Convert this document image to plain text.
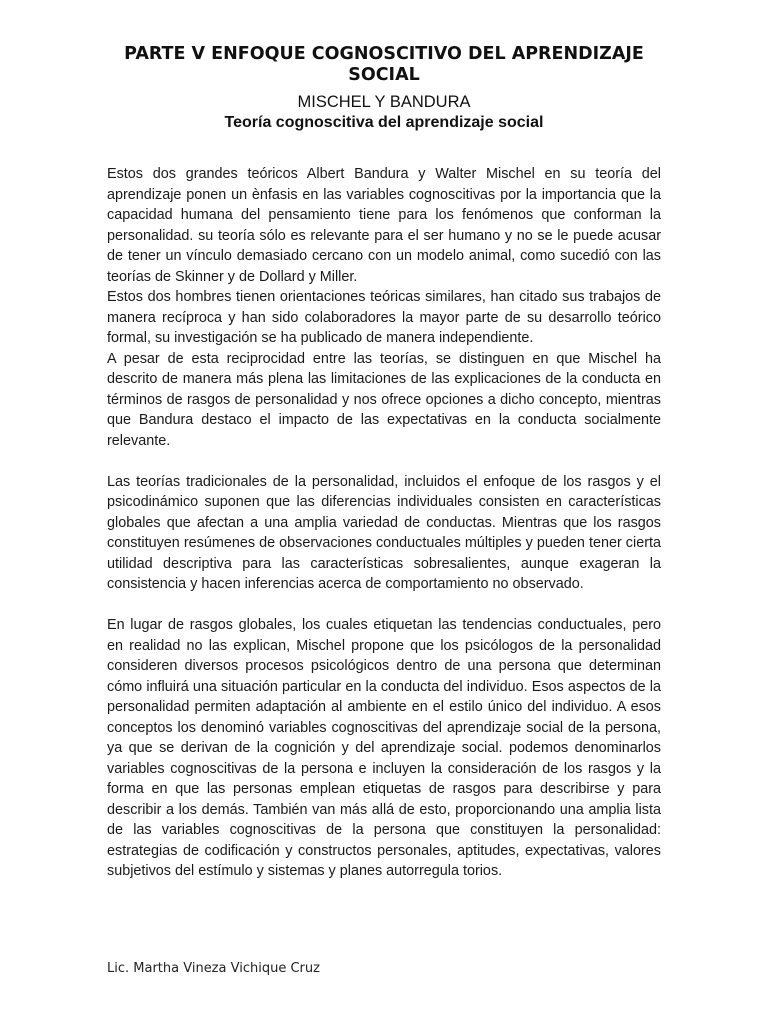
PARTE V ENFOQUE COGNOSCITIVO DEL APRENDIZAJE SOCIAL
MISCHEL Y BANDURA
Teoría cognoscitiva del aprendizaje social

Estos dos grandes teóricos Albert Bandura y Walter Mischel en su teoría del aprendizaje ponen un ènfasis en las variables cognoscitivas por la importancia que la capacidad humana del pensamiento tiene para los fenómenos que conforman la personalidad. su teoría sólo es relevante para el ser humano y no se le puede acusar de tener un vínculo demasiado cercano con un modelo animal, como sucedió con las teorías de Skinner y de Dollard y Miller.

Estos dos hombres tienen orientaciones teóricas similares, han citado sus trabajos de manera recíproca y han sido colaboradores la mayor parte de su desarrollo teórico formal, su investigación se ha publicado de manera independiente.

A pesar de esta reciprocidad entre las teorías, se distinguen en que Mischel ha descrito de manera más plena las limitaciones de las explicaciones de la conducta en términos de rasgos de personalidad y nos ofrece opciones a dicho concepto, mientras que Bandura destaco el impacto de las expectativas en la conducta socialmente relevante.

Las teorías tradicionales de la personalidad, incluidos el enfoque de los rasgos y el psicodinámico suponen que las diferencias individuales consisten en características globales que afectan a una amplia variedad de conductas. Mientras que los rasgos constituyen resúmenes de observaciones conductuales múltiples y pueden tener cierta utilidad descriptiva para las características sobresalientes, aunque exageran la consistencia y hacen inferencias acerca de comportamiento no observado.

En lugar de rasgos globales, los cuales etiquetan las tendencias conductuales, pero en realidad no las explican, Mischel propone que los psicólogos de la personalidad consideren diversos procesos psicológicos dentro de una persona que determinan cómo influirá una situación particular en la conducta del individuo. Esos aspectos de la personalidad permiten adaptación al ambiente en el estilo único del individuo. A esos conceptos los denominó variables cognoscitivas del aprendizaje social de la persona, ya que se derivan de la cognición y del aprendizaje social. podemos denominarlos variables cognoscitivas de la persona e incluyen la consideración de los rasgos y la forma en que las personas emplean etiquetas de rasgos para describirse y para describir a los demás. También van más allá de esto, proporcionando una amplia lista de las variables cognoscitivas de la persona que constituyen la personalidad: estrategias de codificación y constructos personales, aptitudes, expectativas, valores subjetivos del estímulo y sistemas y planes autorregula torios.

Lic. Martha Vineza Vichique Cruz
